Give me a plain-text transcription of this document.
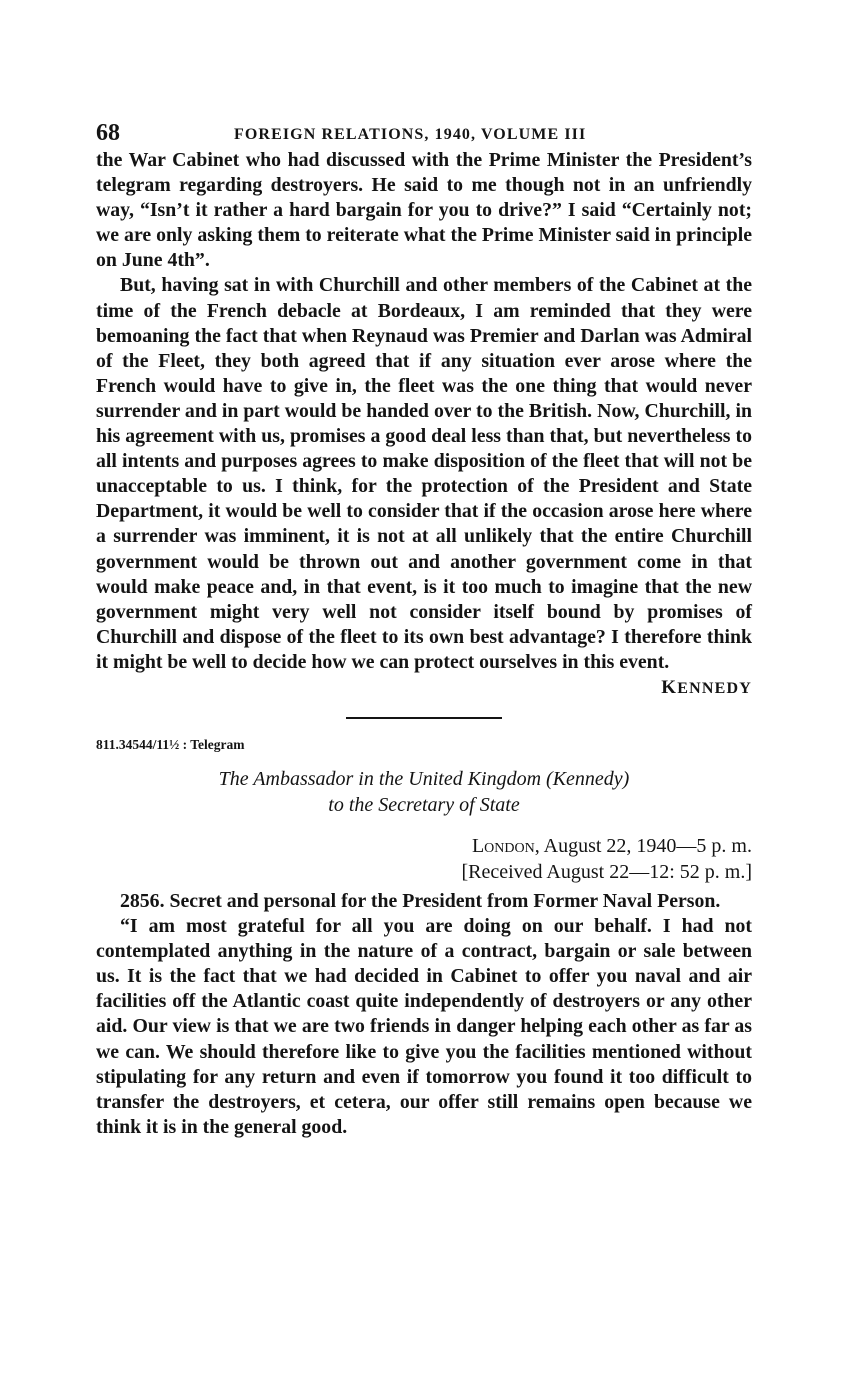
68	FOREIGN RELATIONS, 1940, VOLUME III

the War Cabinet who had discussed with the Prime Minister the President’s telegram regarding destroyers. He said to me though not in an unfriendly way, “Isn’t it rather a hard bargain for you to drive?” I said “Certainly not; we are only asking them to reiterate what the Prime Minister said in principle on June 4th”.

But, having sat in with Churchill and other members of the Cabinet at the time of the French debacle at Bordeaux, I am reminded that they were bemoaning the fact that when Reynaud was Premier and Darlan was Admiral of the Fleet, they both agreed that if any situation ever arose where the French would have to give in, the fleet was the one thing that would never surrender and in part would be handed over to the British. Now, Churchill, in his agreement with us, promises a good deal less than that, but nevertheless to all intents and purposes agrees to make disposition of the fleet that will not be unacceptable to us. I think, for the protection of the President and State Department, it would be well to consider that if the occasion arose here where a surrender was imminent, it is not at all unlikely that the entire Churchill government would be thrown out and another government come in that would make peace and, in that event, is it too much to imagine that the new government might very well not consider itself bound by promises of Churchill and dispose of the fleet to its own best advantage? I therefore think it might be well to decide how we can protect ourselves in this event.

KENNEDY
811.34544/11½ : Telegram
The Ambassador in the United Kingdom (Kennedy)
to the Secretary of State
London, August 22, 1940—5 p. m.
[Received August 22—12: 52 p. m.]

2856. Secret and personal for the President from Former Naval Person.

“I am most grateful for all you are doing on our behalf. I had not contemplated anything in the nature of a contract, bargain or sale between us. It is the fact that we had decided in Cabinet to offer you naval and air facilities off the Atlantic coast quite independently of destroyers or any other aid. Our view is that we are two friends in danger helping each other as far as we can. We should therefore like to give you the facilities mentioned without stipulating for any return and even if tomorrow you found it too difficult to transfer the destroyers, et cetera, our offer still remains open because we think it is in the general good.
